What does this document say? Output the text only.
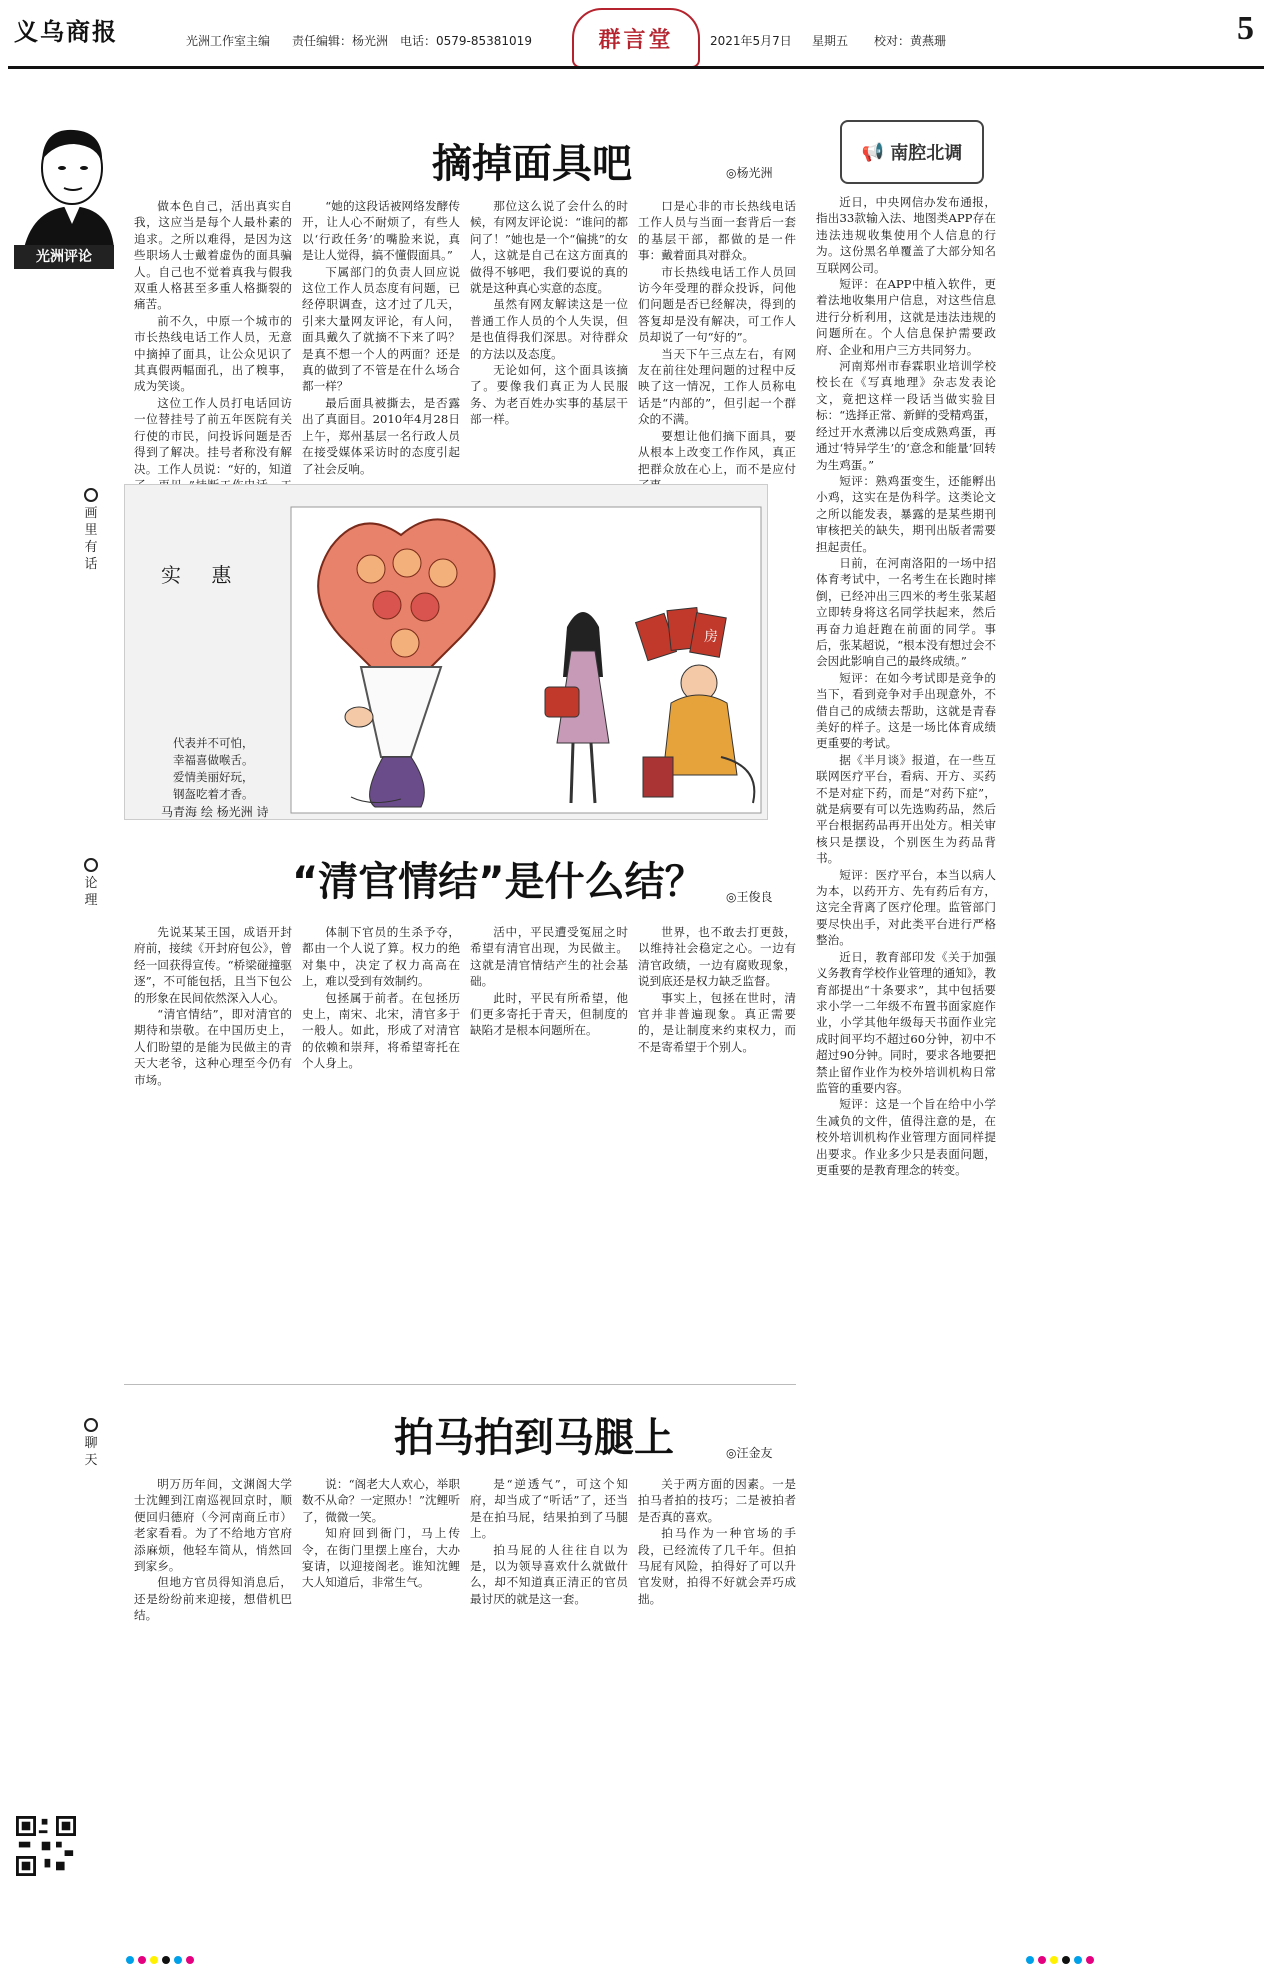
义乌商报	光洲工作室主编 责任编辑：杨光洲 电话：0579-85381019	群言堂	2021年5月7日 星期五 校对：黄燕珊	5
光洲评论
画里有话
论理
聊天
摘掉面具吧	◎杨光洲

做本色自己，活出真实自我，这应当是每个人最朴素的追求。之所以难得，是因为这些职场人士戴着虚伪的面具骗人。自己也不觉着真我与假我双重人格甚至多重人格撕裂的痛苦。

前不久，中原一个城市的市长热线电话工作人员，无意中摘掉了面具，让公众见识了其真假两幅面孔，出了糗事，成为笑谈。

这位工作人员打电话回访一位替挂号了前五年医院有关行使的市民，问投诉问题是否得到了解决。挂号者称没有解决。工作人员说：“好的，知道

“她的这段话被网络发酵传开，让人心不耐烦了，有些人以‘行政任务’的嘴脸来说，真是让人觉得，搞不懂假面具。”

下属部门的负责人回应说这位工作人员态度有问题，已经停职调查，这才过了几天，引来大量网友评论，有人问，面具戴久了就摘不下来了吗？是真不想一个人的两面？还是真的做到了不管是在什么场合都一样？

最后面具被撕去，是否露出了真面目。2010年4月28日上午，郑州基层一名行政人员在接受媒体采访时的态度引起了社会反响。

那位这么说了会什么的时候，有网友评论说：“谁问的都问了！”她也是一个“偏挑”的女人，这就是自己在这方面真的做得不够吧，我们要说的真的就是这种真心实意的态度。

虽然有网友解读这是一位普通工作人员的个人失误，但是也值得我们深思。对待群众的方法以及态度。

无论如何，这个面具该摘了。要像我们真正为人民服务、为老百姓办实事的基层干部一样。

口是心非的市长热线电话工作人员与当面一套背后一套的基层干部，都做的是一件事：戴着面具对群众。

市长热线电话工作人员回访今年受理的群众投诉，问他们问题是否已经解决，得到的答复却是没有解决，可工作人员却说了一句“好的”。

当天下午三点左右，有网友在前往处理问题的过程中反映了这一情况，工作人员称电话是“内部的”，但引起一个群众的不满。

要想让他们摘下面具，要从根本上改变工作作风，真正把群众放在心上，而不是应付

实 惠
代表并不可怕，
幸福喜做喉舌。
爱情美丽好玩，
钢盔吃着才香。
马青海 绘 杨光洲 诗
房
“清官情结”是什么结？ ◎王俊良

先说某某王国，成语开封府前，接续《开封府包公》，曾经一回获得宣传。“桥梁碰撞驱逐”，不可能包括，且当下包公的形象在民间依然深入人心。

“清官情结”，即对清官的期待和崇敬。在中国历史上，人们盼望的是能为民做主的青天大老爷，这种心理至今仍有市场。

体制下官员的生杀予夺，都由一个人说了算。权力的绝对集中，决定了权力高高在上，难以受到有效制约。

包拯属于前者。在包拯历史上，南宋、北宋，清官多于一般人。如此，形成了对清官的依赖和崇拜，将希望寄托在个人身上。

活中，平民遭受冤屈之时希望有清官出现，为民做主。这就是清官情结产生的社会基础。

此时，平民有所希望，他们更多寄托于青天，但制度的缺陷才是根本问题所在。

世界，也不敢去打更鼓，以维持社会稳定之心。一边有清官政绩，一边有腐败现象，说到底还是权力缺乏监督。

事实上，包拯在世时，清官并非普遍现象。真正需要的，是让制度来约束权力，而不是寄希望于个别人。

拍马拍到马腿上	◎汪金友

明万历年间，文渊阁大学士沈鲤到江南巡视回京时，顺便回归德府（今河南商丘市）老家看看。为了不给地方官府添麻烦，他轻车简从，悄然回到家乡。

但地方官员得知消息后，还是纷纷前来迎接，想借机巴结。

说：“阁老大人欢心，举职数不从命？一定照办！”沈鲤听了，微微一笑。

知府回到衙门，马上传令，在街门里摆上座台，大办宴请，以迎接阁老。谁知沈鲤大人知道后，非常生气。

是“逆透气”，可这个知府，却当成了“听话”了，还当是在拍马屁，结果拍到了马腿上。

拍马屁的人往往自以为是，以为领导喜欢什么就做什么，却不知道真正清正的官员最讨厌的就是这一套。

关于两方面的因素。一是拍马者拍的技巧；二是被拍者是否真的喜欢。

拍马作为一种官场的手段，已经流传了几千年。但拍马屁有风险，拍得好了可以升官发财，拍得不好就会弄巧成拙。

📢 南腔北调

近日，中央网信办发布通报，指出33款输入法、地图类APP存在违法违规收集使用个人信息的行为。这份黑名单覆盖了大部分知名互联网公司。

短评：在APP中植入软件，更着法地收集用户信息，对这些信息进行分析利用，这就是违法违规的问题所在。个人信息保护需要政府、企业和用户三方共同努力。

河南郑州市春霖职业培训学校校长在《写真地理》杂志发表论文，竟把这样一段话当做实验目标：“选择正常、新鲜的受精鸡蛋，经过开水煮沸以后变成熟鸡蛋，再通过‘特异学生’的‘意念和能量’回转为生鸡蛋。”

短评：熟鸡蛋变生，还能孵出小鸡，这实在是伪科学。这类论文之所以能发表，暴露的是某些期刊审核把关的缺失，期刊出版者需要担起责任。

日前，在河南洛阳的一场中招体育考试中，一名考生在长跑时摔倒，已经冲出三四米的考生张某超立即转身将这名同学扶起来，然后再奋力追赶跑在前面的同学。事后，张某超说，“根本没有想过会不会因此影响自己的最终成绩。”

短评：在如今考试即是竞争的当下，看到竞争对手出现意外，不借自己的成绩去帮助，这就是青春美好的样子。这是一场比体育成绩更重要的考试。

据《半月谈》报道，在一些互联网医疗平台，看病、开方、买药不是对症下药，而是“对药下症”，就是病要有可以先选购药品，然后平台根据药品再开出处方。相关审核只是摆设，个别医生为药品背书。

短评：医疗平台，本当以病人为本，以药开方、先有药后有方，这完全背离了医疗伦理。监管部门要尽快出手，对此类平台进行严格整治。

近日，教育部印发《关于加强义务教育学校作业管理的通知》，教育部提出“十条要求”，其中包括要求小学一二年级不布置书面家庭作业，小学其他年级每天书面作业完成时间平均不超过60分钟，初中不超过90分钟。同时，要求各地要把禁止留作业作为校外培训机构日常监管的重要内容。

短评：这是一个旨在给中小学生减负的文件，值得注意的是，在校外培训机构作业管理方面同样提出要求。作业多少只是表面问题，更重要的是教育理念的转变。
